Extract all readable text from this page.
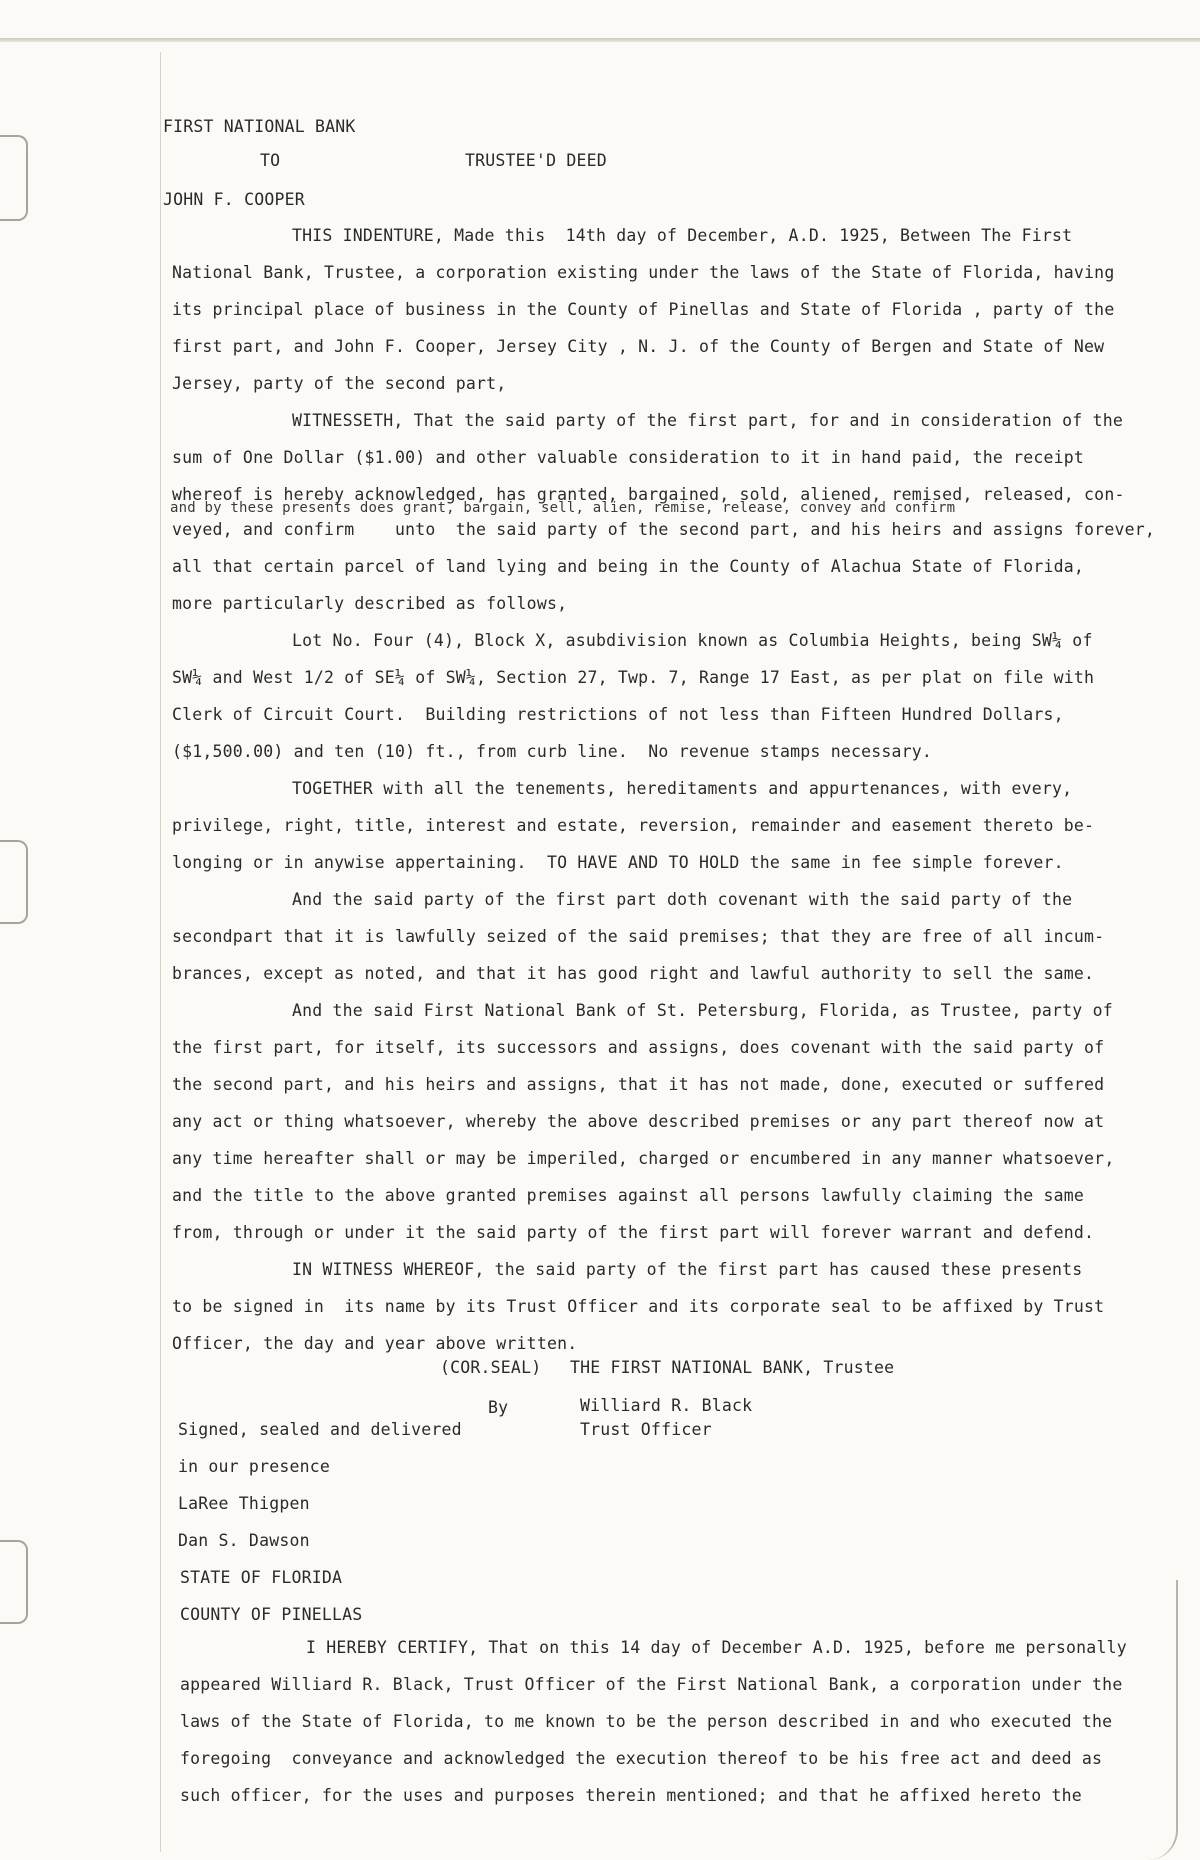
FIRST NATIONAL BANK
TO	TRUSTEE'D DEED
JOHN F. COOPER
THIS INDENTURE, Made this  14th day of December, A.D. 1925, Between The First
National Bank, Trustee, a corporation existing under the laws of the State of Florida, having
its principal place of business in the County of Pinellas and State of Florida , party of the
first part, and John F. Cooper, Jersey City , N. J. of the County of Bergen and State of New
Jersey, party of the second part,
WITNESSETH, That the said party of the first part, for and in consideration of the
sum of One Dollar ($1.00) and other valuable consideration to it in hand paid, the receipt
whereof is hereby acknowledged, has granted, bargained, sold, aliened, remised, released, con-
and by these presents does grant, bargain, sell, alien, remise, release, convey and confirm
veyed, and confirm    unto  the said party of the second part, and his heirs and assigns forever,
all that certain parcel of land lying and being in the County of Alachua State of Florida,
more particularly described as follows,
Lot No. Four (4), Block X, asubdivision known as Columbia Heights, being SW¼ of
SW¼ and West 1/2 of SE¼ of SW¼, Section 27, Twp. 7, Range 17 East, as per plat on file with
Clerk of Circuit Court.  Building restrictions of not less than Fifteen Hundred Dollars,
($1,500.00) and ten (10) ft., from curb line.  No revenue stamps necessary.
TOGETHER with all the tenements, hereditaments and appurtenances, with every,
privilege, right, title, interest and estate, reversion, remainder and easement thereto be-
longing or in anywise appertaining.  TO HAVE AND TO HOLD the same in fee simple forever.
And the said party of the first part doth covenant with the said party of the
secondpart that it is lawfully seized of the said premises; that they are free of all incum-
brances, except as noted, and that it has good right and lawful authority to sell the same.
And the said First National Bank of St. Petersburg, Florida, as Trustee, party of
the first part, for itself, its successors and assigns, does covenant with the said party of
the second part, and his heirs and assigns, that it has not made, done, executed or suffered
any act or thing whatsoever, whereby the above described premises or any part thereof now at
any time hereafter shall or may be imperiled, charged or encumbered in any manner whatsoever,
and the title to the above granted premises against all persons lawfully claiming the same
from, through or under it the said party of the first part will forever warrant and defend.
IN WITNESS WHEREOF, the said party of the first part has caused these presents
to be signed in  its name by its Trust Officer and its corporate seal to be affixed by Trust
Officer, the day and year above written.
(COR.SEAL) THE FIRST NATIONAL BANK, Trustee
By	Williard R. Black
Trust Officer
Signed, sealed and delivered
in our presence
LaRee Thigpen
Dan S. Dawson
STATE OF FLORIDA
COUNTY OF PINELLAS
I HEREBY CERTIFY, That on this 14 day of December A.D. 1925, before me personally
appeared Williard R. Black, Trust Officer of the First National Bank, a corporation under the
laws of the State of Florida, to me known to be the person described in and who executed the
foregoing  conveyance and acknowledged the execution thereof to be his free act and deed as
such officer, for the uses and purposes therein mentioned; and that he affixed hereto the
